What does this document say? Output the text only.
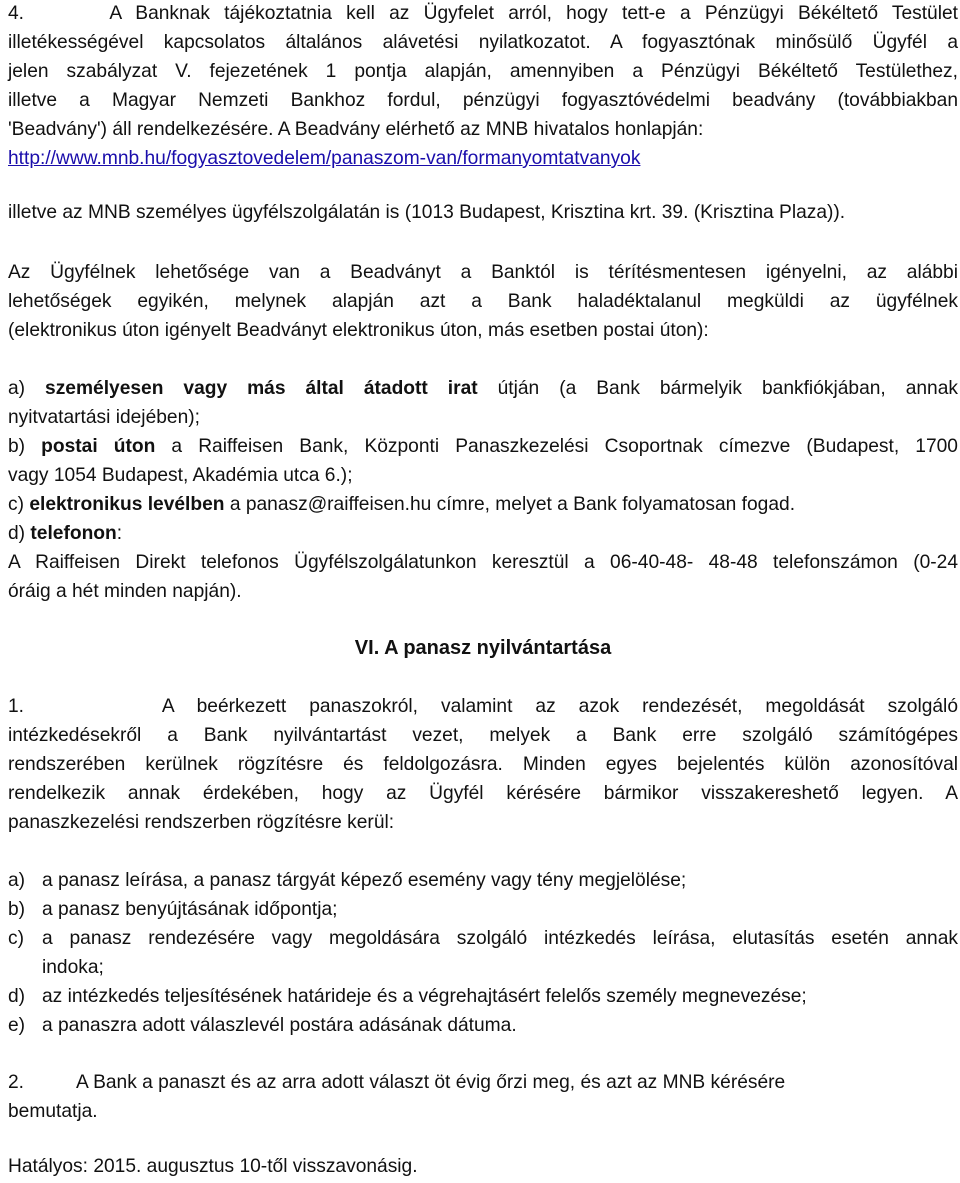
4.      A Banknak tájékoztatnia kell az Ügyfelet arról, hogy tett-e a Pénzügyi Békéltető Testület
illetékességével kapcsolatos általános alávetési nyilatkozatot. A fogyasztónak minősülő Ügyfél a
jelen szabályzat V. fejezetének 1 pontja alapján, amennyiben a Pénzügyi Békéltető Testülethez,
illetve a Magyar Nemzeti Bankhoz fordul, pénzügyi fogyasztóvédelmi beadvány (továbbiakban
'Beadvány') áll rendelkezésére. A Beadvány elérhető az MNB hivatalos honlapján:
http://www.mnb.hu/fogyasztovedelem/panaszom-van/formanyomtatvanyok
illetve az MNB személyes ügyfélszolgálatán is (1013 Budapest, Krisztina krt. 39. (Krisztina Plaza)).
Az Ügyfélnek lehetősége van a Beadványt a Banktól is térítésmentesen igényelni, az alábbi
lehetőségek egyikén, melynek alapján azt a Bank haladéktalanul megküldi az ügyfélnek
(elektronikus úton igényelt Beadványt elektronikus úton, más esetben postai úton):
a) személyesen vagy más által átadott irat útján (a Bank bármelyik bankfiókjában, annak
nyitvatartási idejében);
b) postai úton a Raiffeisen Bank, Központi Panaszkezelési Csoportnak címezve (Budapest, 1700
vagy 1054 Budapest, Akadémia utca 6.);
c) elektronikus levélben a panasz@raiffeisen.hu címre, melyet a Bank folyamatosan fogad.
d) telefonon:
A Raiffeisen Direkt telefonos Ügyfélszolgálatunkon keresztül a 06-40-48- 48-48 telefonszámon (0-24
óráig a hét minden napján).
VI. A panasz nyilvántartása
1.      A beérkezett panaszokról, valamint az azok rendezését, megoldását szolgáló
intézkedésekről a Bank nyilvántartást vezet, melyek a Bank erre szolgáló számítógépes
rendszerében kerülnek rögzítésre és feldolgozásra. Minden egyes bejelentés külön azonosítóval
rendelkezik annak érdekében, hogy az Ügyfél kérésére bármikor visszakereshető legyen. A
panaszkezelési rendszerben rögzítésre kerül:
a) a panasz leírása, a panasz tárgyát képező esemény vagy tény megjelölése;
b) a panasz benyújtásának időpontja;
c) a panasz rendezésére vagy megoldására szolgáló intézkedés leírása, elutasítás esetén annak
indoka;
d) az intézkedés teljesítésének határideje és a végrehajtásért felelős személy megnevezése;
e) a panaszra adott válaszlevél postára adásának dátuma.
2.	A Bank a panaszt és az arra adott választ öt évig őrzi meg, és azt az MNB kérésére
bemutatja.
Hatályos: 2015. augusztus 10-től visszavonásig.
